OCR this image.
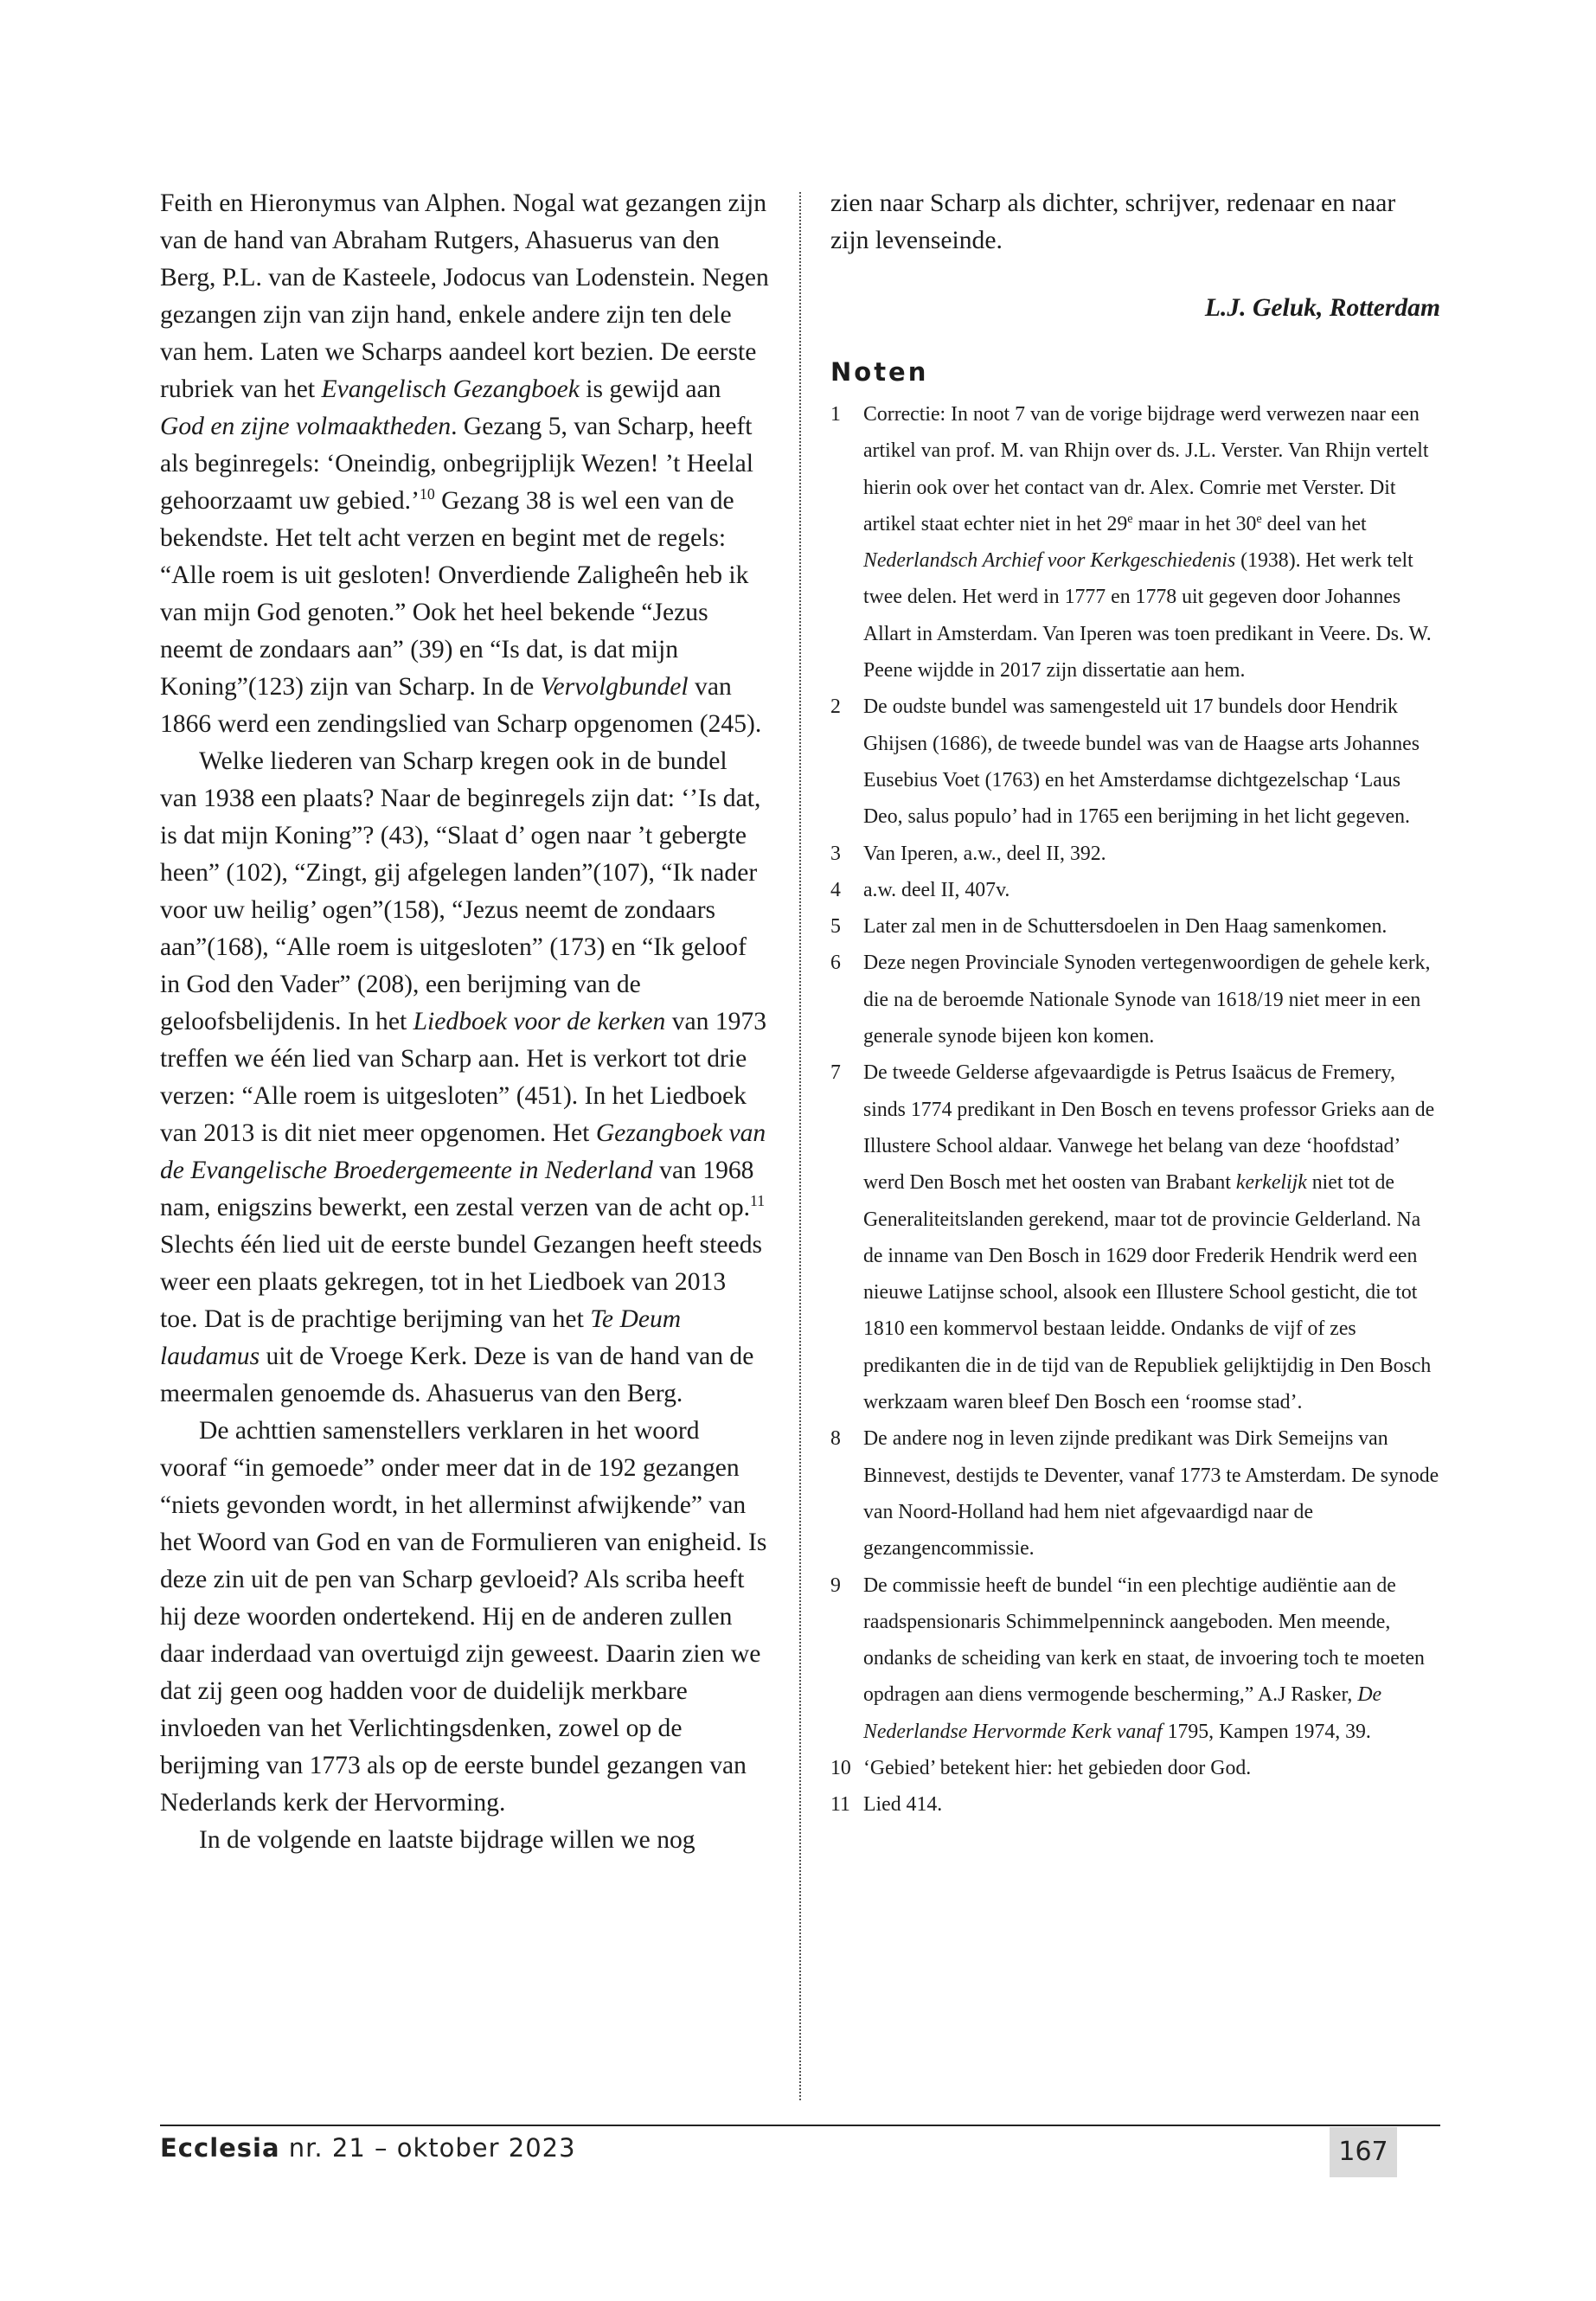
Feith en Hieronymus van Alphen. Nogal wat gezangen zijn van de hand van Abraham Rutgers, Ahasuerus van den Berg, P.L. van de Kasteele, Jodocus van Lodenstein. Negen gezangen zijn van zijn hand, enkele andere zijn ten dele van hem. Laten we Scharps aandeel kort bezien. De eerste rubriek van het Evangelisch Gezangboek is gewijd aan God en zijne volmaaktheden. Gezang 5, van Scharp, heeft als beginregels: ‘Oneindig, onbegrijplijk Wezen! ’t Heelal gehoorzaamt uw gebied.’$^{10}$ Gezang 38 is wel een van de bekendste. Het telt acht verzen en begint met de regels: “Alle roem is uit gesloten! Onverdiende Zaligheên heb ik van mijn God genoten.” Ook het heel bekende “Jezus neemt de zondaars aan” (39) en “Is dat, is dat mijn Koning”(123) zijn van Scharp. In de Vervolgbundel van 1866 werd een zendingslied van Scharp opgenomen (245).

Welke liederen van Scharp kregen ook in de bundel van 1938 een plaats? Naar de beginregels zijn dat: ‘’Is dat, is dat mijn Koning”? (43), “Slaat d’ ogen naar ’t gebergte heen” (102), “Zingt, gij afgelegen landen”(107), “Ik nader voor uw heilig’ ogen”(158), “Jezus neemt de zondaars aan”(168), “Alle roem is uitgesloten” (173) en “Ik geloof in God den Vader” (208), een berijming van de geloofsbelijdenis. In het Liedboek voor de kerken van 1973 treffen we één lied van Scharp aan. Het is verkort tot drie verzen: “Alle roem is uitgesloten” (451). In het Liedboek van 2013 is dit niet meer opgenomen. Het Gezangboek van de Evangelische Broedergemeente in Nederland van 1968 nam, enigszins bewerkt, een zestal verzen van de acht op.$^{11}$ Slechts één lied uit de eerste bundel Gezangen heeft steeds weer een plaats gekregen, tot in het Liedboek van 2013 toe. Dat is de prachtige berijming van het Te Deum laudamus uit de Vroege Kerk. Deze is van de hand van de meermalen genoemde ds. Ahasuerus van den Berg.

De achttien samenstellers verklaren in het woord vooraf “in gemoede” onder meer dat in de 192 gezangen “niets gevonden wordt, in het allerminst afwijkende” van het Woord van God en van de Formulieren van enigheid. Is deze zin uit de pen van Scharp gevloeid? Als scriba heeft hij deze woorden ondertekend. Hij en de anderen zullen daar inderdaad van overtuigd zijn geweest. Daarin zien we dat zij geen oog hadden voor de duidelijk merkbare invloeden van het Verlichtingsdenken, zowel op de berijming van 1773 als op de eerste bundel gezangen van Nederlands kerk der Hervorming.

In de volgende en laatste bijdrage willen we nog

zien naar Scharp als dichter, schrijver, redenaar en naar zijn levenseinde.

L.J. Geluk, Rotterdam

Noten
1	Correctie: In noot 7 van de vorige bijdrage werd verwezen naar een artikel van prof. M. van Rhijn over ds. J.L. Verster. Van Rhijn vertelt hierin ook over het contact van dr. Alex. Comrie met Verster. Dit artikel staat echter niet in het 29e maar in het 30e deel van het Nederlandsch Archief voor Kerkgeschiedenis (1938). Het werk telt twee delen. Het werd in 1777 en 1778 uit gegeven door Johannes Allart in Amsterdam. Van Iperen was toen predikant in Veere. Ds. W. Peene wijdde in 2017 zijn dissertatie aan hem.

2	De oudste bundel was samengesteld uit 17 bundels door Hendrik Ghijsen (1686), de tweede bundel was van de Haagse arts Johannes Eusebius Voet (1763) en het Amsterdamse dichtgezelschap ‘Laus Deo, salus populo’ had in 1765 een berijming in het licht gegeven.

3	Van Iperen, a.w., deel II, 392.

4	a.w. deel II, 407v.

5	Later zal men in de Schuttersdoelen in Den Haag samenkomen.

6	Deze negen Provinciale Synoden vertegenwoordigen de gehele kerk, die na de beroemde Nationale Synode van 1618/19 niet meer in een generale synode bijeen kon komen.

7	De tweede Gelderse afgevaardigde is Petrus Isaäcus de Fremery, sinds 1774 predikant in Den Bosch en tevens professor Grieks aan de Illustere School aldaar. Vanwege het belang van deze ‘hoofdstad’ werd Den Bosch met het oosten van Brabant kerkelijk niet tot de Generaliteitslanden gerekend, maar tot de provincie Gelderland. Na de inname van Den Bosch in 1629 door Frederik Hendrik werd een nieuwe Latijnse school, alsook een Illustere School gesticht, die tot 1810 een kommervol bestaan leidde. Ondanks de vijf of zes predikanten die in de tijd van de Republiek gelijktijdig in Den Bosch werkzaam waren bleef Den Bosch een ‘roomse stad’.

8	De andere nog in leven zijnde predikant was Dirk Semeijns van Binnevest, destijds te Deventer, vanaf 1773 te Amsterdam. De synode van Noord-Holland had hem niet afgevaardigd naar de gezangencommissie.

9	De commissie heeft de bundel “in een plechtige audiëntie aan de raadspensionaris Schimmelpenninck aangeboden. Men meende, ondanks de scheiding van kerk en staat, de invoering toch te moeten opdragen aan diens vermogende bescherming,” A.J Rasker, De Nederlandse Hervormde Kerk vanaf 1795, Kampen 1974, 39.

10 ‘Gebied’ betekent hier: het gebieden door God.

11 Lied 414.

Ecclesia nr. 21 – oktober 2023	167
